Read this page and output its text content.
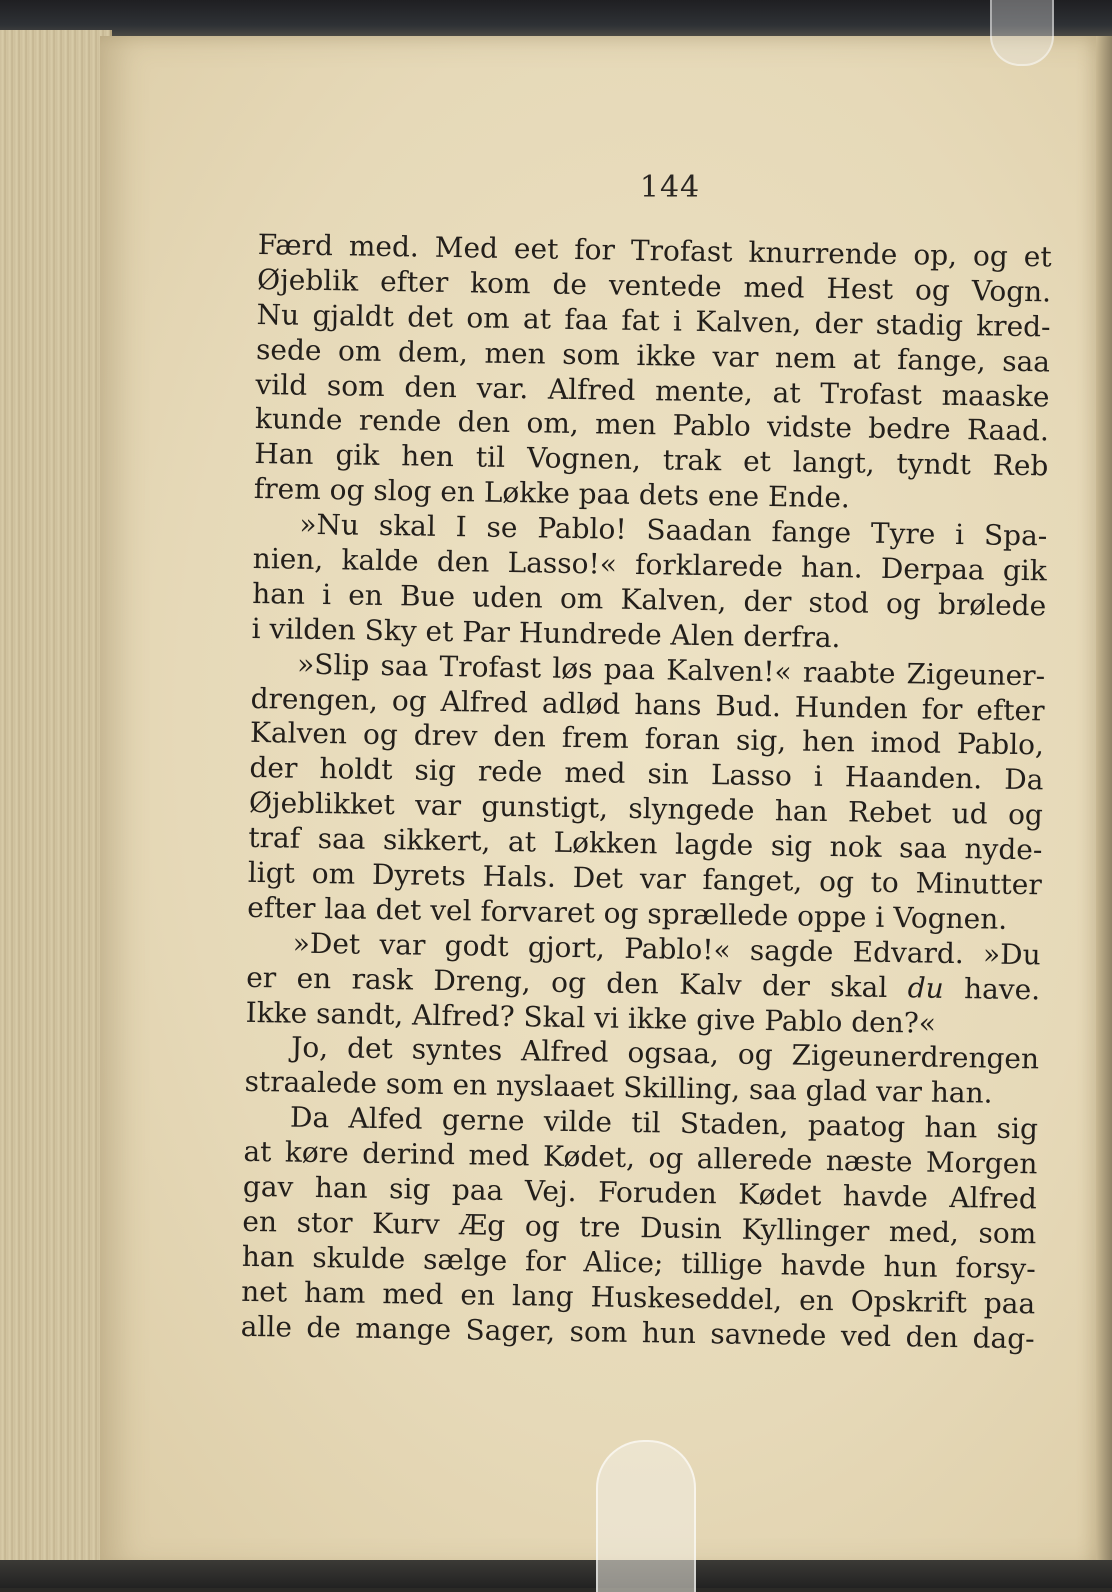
144
Færd med. Med eet for Trofast knurrende op, og et
Øjeblik efter kom de ventede med Hest og Vogn.
Nu gjaldt det om at faa fat i Kalven, der stadig kred-
sede om dem, men som ikke var nem at fange, saa
vild som den var. Alfred mente, at Trofast maaske
kunde rende den om, men Pablo vidste bedre Raad.
Han gik hen til Vognen, trak et langt, tyndt Reb
frem og slog en Løkke paa dets ene Ende.
»Nu skal I se Pablo! Saadan fange Tyre i Spa-
nien, kalde den Lasso!« forklarede han. Derpaa gik
han i en Bue uden om Kalven, der stod og brølede
i vilden Sky et Par Hundrede Alen derfra.
»Slip saa Trofast løs paa Kalven!« raabte Zigeuner-
drengen, og Alfred adlød hans Bud. Hunden for efter
Kalven og drev den frem foran sig, hen imod Pablo,
der holdt sig rede med sin Lasso i Haanden. Da
Øjeblikket var gunstigt, slyngede han Rebet ud og
traf saa sikkert, at Løkken lagde sig nok saa nyde-
ligt om Dyrets Hals. Det var fanget, og to Minutter
efter laa det vel forvaret og sprællede oppe i Vognen.
»Det var godt gjort, Pablo!« sagde Edvard. »Du
er en rask Dreng, og den Kalv der skal du have.
Ikke sandt, Alfred? Skal vi ikke give Pablo den?«
Jo, det syntes Alfred ogsaa, og Zigeunerdrengen
straalede som en nyslaaet Skilling, saa glad var han.
Da Alfed gerne vilde til Staden, paatog han sig
at køre derind med Kødet, og allerede næste Morgen
gav han sig paa Vej. Foruden Kødet havde Alfred
en stor Kurv Æg og tre Dusin Kyllinger med, som
han skulde sælge for Alice; tillige havde hun forsy-
net ham med en lang Huskeseddel, en Opskrift paa
alle de mange Sager, som hun savnede ved den dag-
